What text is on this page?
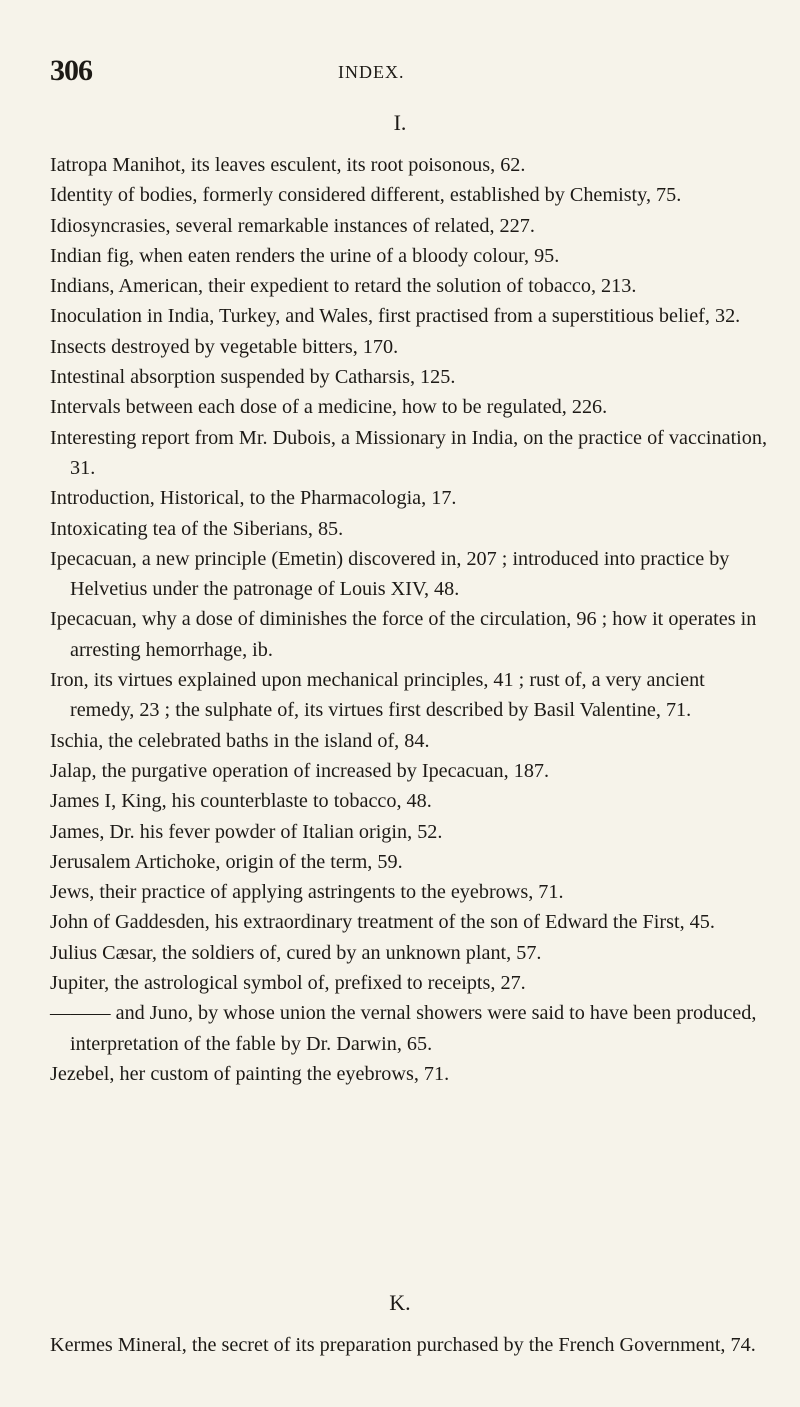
306	INDEX.
I.
Iatropa Manihot, its leaves esculent, its root poisonous, 62.
Identity of bodies, formerly considered different, established by Chemisty, 75.
Idiosyncrasies, several remarkable instances of related, 227.
Indian fig, when eaten renders the urine of a bloody colour, 95.
Indians, American, their expedient to retard the solution of tobacco, 213.
Inoculation in India, Turkey, and Wales, first practised from a superstitious belief, 32.
Insects destroyed by vegetable bitters, 170.
Intestinal absorption suspended by Catharsis, 125.
Intervals between each dose of a medicine, how to be regulated, 226.
Interesting report from Mr. Dubois, a Missionary in India, on the practice of vaccination, 31.
Introduction, Historical, to the Pharmacologia, 17.
Intoxicating tea of the Siberians, 85.
Ipecacuan, a new principle (Emetin) discovered in, 207 ; introduced into practice by Helvetius under the patronage of Louis XIV, 48.
Ipecacuan, why a dose of diminishes the force of the circulation, 96 ; how it operates in arresting hemorrhage, ib.
Iron, its virtues explained upon mechanical principles, 41 ; rust of, a very ancient remedy, 23 ; the sulphate of, its virtues first described by Basil Valentine, 71.
Ischia, the celebrated baths in the island of, 84.
Jalap, the purgative operation of increased by Ipecacuan, 187.
James I, King, his counterblaste to tobacco, 48.
James, Dr. his fever powder of Italian origin, 52.
Jerusalem Artichoke, origin of the term, 59.
Jews, their practice of applying astringents to the eyebrows, 71.
John of Gaddesden, his extraordinary treatment of the son of Edward the First, 45.
Julius Cæsar, the soldiers of, cured by an unknown plant, 57.
Jupiter, the astrological symbol of, prefixed to receipts, 27.
——— and Juno, by whose union the vernal showers were said to have been produced, interpretation of the fable by Dr. Darwin, 65.
Jezebel, her custom of painting the eyebrows, 71.
K.
Kermes Mineral, the secret of its preparation purchased by the French Government, 74.
